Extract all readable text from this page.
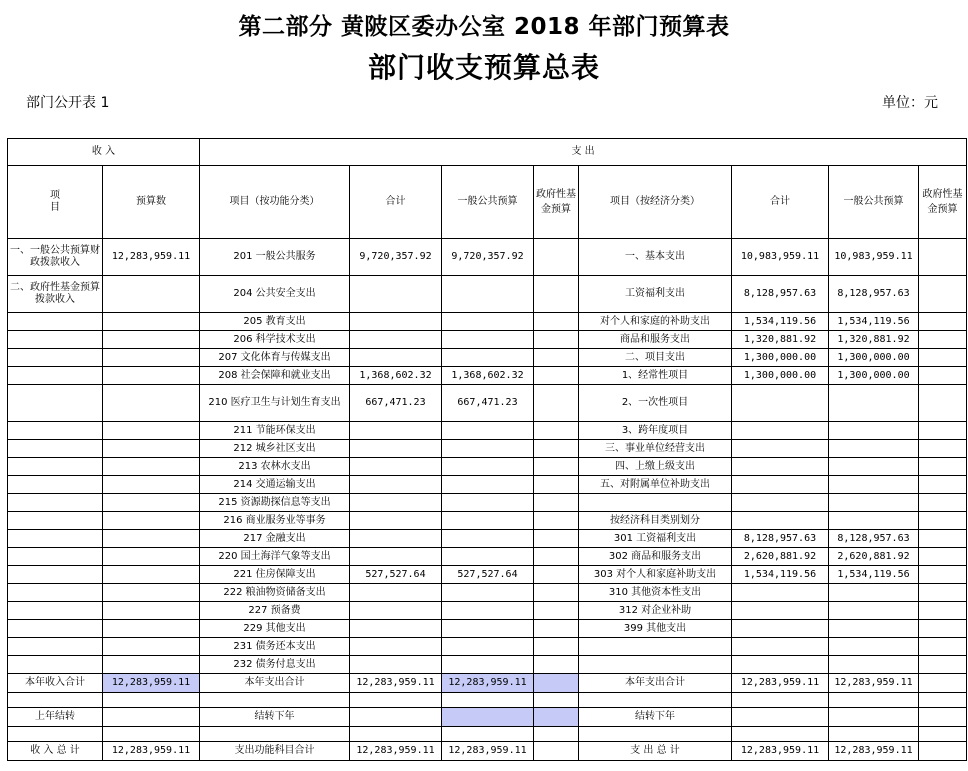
第二部分 黄陂区委办公室 2018 年部门预算表
部门收支预算总表
部门公开表 1	单位：元
收 入		支 出							
项
目	预算数	项目（按功能分类）	合计	一般公共预算	政府性基金预算	项目（按经济分类）	合计	一般公共预算	政府性基金预算
一、一般公共预算财政拨款收入	12,283,959.11	201 一般公共服务	9,720,357.92	9,720,357.92		一、基本支出	10,983,959.11	10,983,959.11	
二、政府性基金预算拨款收入		204 公共安全支出				工资福利支出	8,128,957.63	8,128,957.63	
		205 教育支出				对个人和家庭的补助支出	1,534,119.56	1,534,119.56	
		206 科学技术支出				商品和服务支出	1,320,881.92	1,320,881.92	
		207 文化体育与传媒支出				二、项目支出	1,300,000.00	1,300,000.00	
		208 社会保障和就业支出	1,368,602.32	1,368,602.32		1、经常性项目	1,300,000.00	1,300,000.00	
		210 医疗卫生与计划生育支出	667,471.23	667,471.23		2、一次性项目			
		211 节能环保支出				3、跨年度项目			
		212 城乡社区支出				三、事业单位经营支出			
		213 农林水支出				四、上缴上级支出			
		214 交通运输支出				五、对附属单位补助支出			
		215 资源勘探信息等支出							
		216 商业服务业等事务				按经济科目类别划分			
		217 金融支出				301 工资福利支出	8,128,957.63	8,128,957.63	
		220 国土海洋气象等支出				302 商品和服务支出	2,620,881.92	2,620,881.92	
		221 住房保障支出	527,527.64	527,527.64		303 对个人和家庭补助支出	1,534,119.56	1,534,119.56	
		222 粮油物资储备支出				310 其他资本性支出			
		227 预备费				312 对企业补助			
		229 其他支出				399 其他支出			
		231 债务还本支出							
		232 债务付息支出							
本年收入合计	12,283,959.11	本年支出合计	12,283,959.11	12,283,959.11		本年支出合计	12,283,959.11	12,283,959.11	

上年结转		结转下年				结转下年			

收 入 总 计	12,283,959.11	支出功能科目合计	12,283,959.11	12,283,959.11		支 出 总 计	12,283,959.11	12,283,959.11	
